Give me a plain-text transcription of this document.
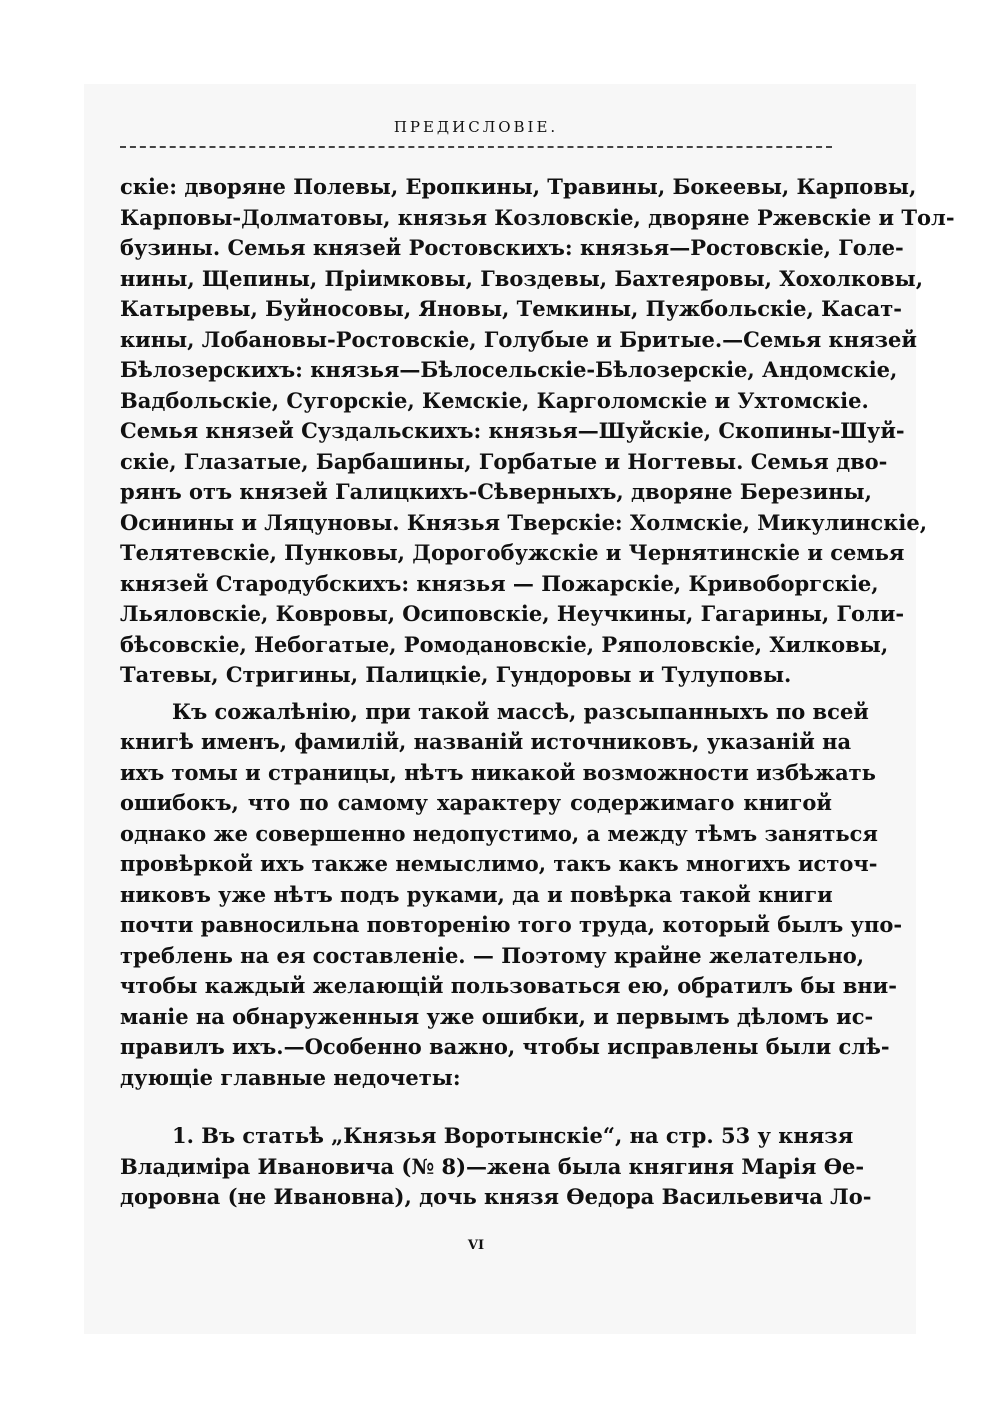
ПРЕДИСЛОВІЕ.
скіе: дворяне Полевы, Еропкины, Травины, Бокеевы, Карповы,
Карповы-Долматовы, князья Козловскіе, дворяне Ржевскіе и Тол-
бузины. Семья князей Ростовскихъ: князья—Ростовскіе, Голе-
нины, Щепины, Пріимковы, Гвоздевы, Бахтеяровы, Хохолковы,
Катыревы, Буйносовы, Яновы, Темкины, Пужбольскіе, Касат-
кины, Лобановы-Ростовскіе, Голубые и Бритые.—Семья князей
Бѣлозерскихъ: князья—Бѣлосельскіе-Бѣлозерскіе, Андомскіе,
Вадбольскіе, Сугорскіе, Кемскіе, Карголомскіе и Ухтомскіе.
Семья князей Суздальскихъ: князья—Шуйскіе, Скопины-Шуй-
скіе, Глазатые, Барбашины, Горбатые и Ногтевы. Семья дво-
рянъ отъ князей Галицкихъ-Сѣверныхъ, дворяне Березины,
Осинины и Ляцуновы. Князья Тверскіе: Холмскіе, Микулинскіе,
Телятевскіе, Пунковы, Дорогобужскіе и Чернятинскіе и семья
князей Стародубскихъ: князья — Пожарскіе, Кривоборгскіе,
Льяловскіе, Ковровы, Осиповскіе, Неучкины, Гагарины, Голи-
бѣсовскіе, Небогатые, Ромодановскіе, Ряполовскіе, Хилковы,
Татевы, Стригины, Палицкіе, Гундоровы и Тулуповы.
Къ сожалѣнію, при такой массѣ, разсыпанныхъ по всей
книгѣ именъ, фамилій, названій источниковъ, указаній на
ихъ томы и страницы, нѣтъ никакой возможности избѣжать
ошибокъ, что по самому характеру содержимаго книгой
однако же совершенно недопустимо, а между тѣмъ заняться
провѣркой ихъ также немыслимо, такъ какъ многихъ источ-
никовъ уже нѣтъ подъ руками, да и повѣрка такой книги
почти равносильна повторенію того труда, который былъ упо-
треблень на ея составленіе. — Поэтому крайне желательно,
чтобы каждый желающій пользоваться ею, обратилъ бы вни-
маніе на обнаруженныя уже ошибки, и первымъ дѣломъ ис-
правилъ ихъ.—Особенно важно, чтобы исправлены были слѣ-
дующіе главные недочеты:
1. Въ статьѣ „Князья Воротынскіе“, на стр. 53 у князя
Владиміра Ивановича (№ 8)—жена была княгиня Марія Ѳе-
доровна (не Ивановна), дочь князя Ѳедора Васильевича Ло-
VI
